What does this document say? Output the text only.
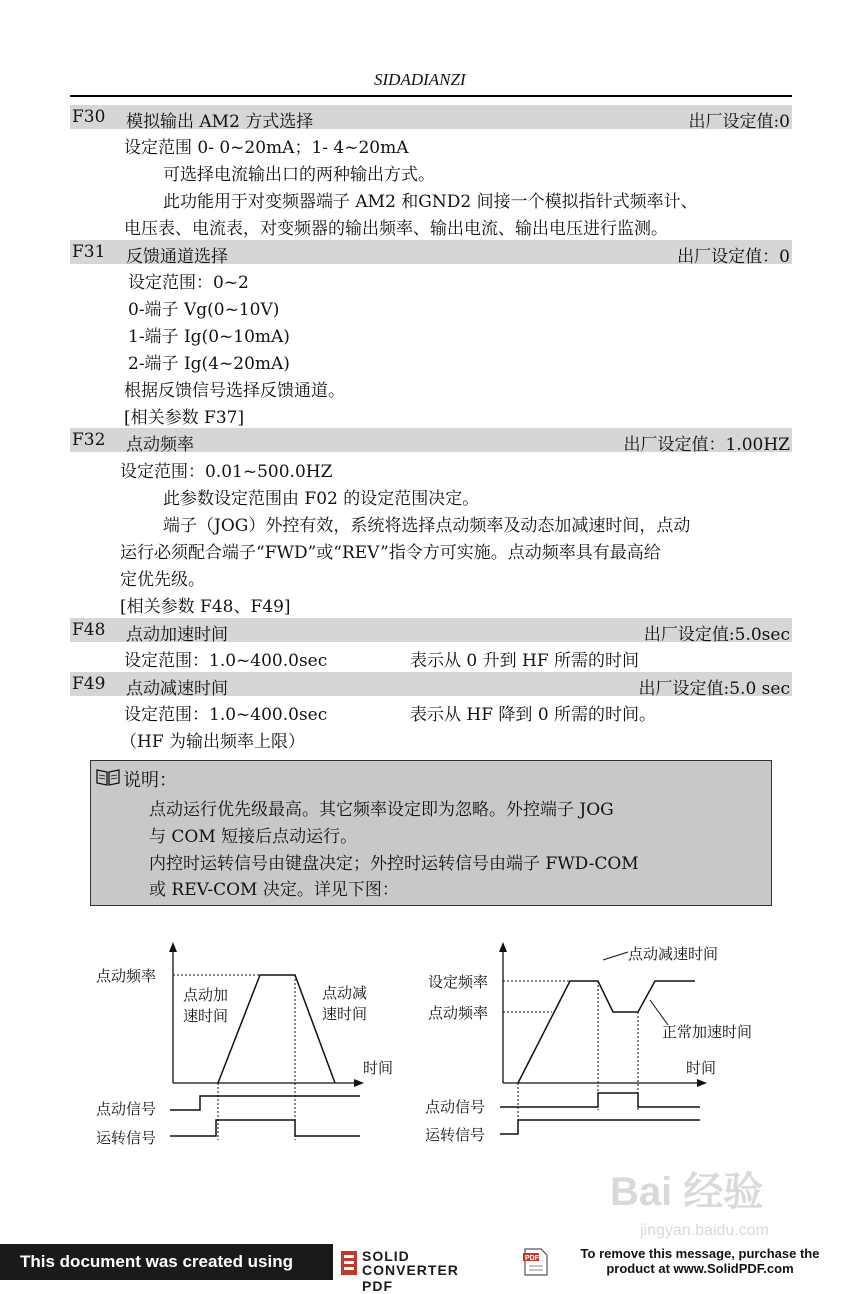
SIDADIANZI
F30 模拟输出 AM2 方式选择	出厂设定值:0
设定范围 0- 0~20mA；1- 4~20mA
可选择电流输出口的两种输出方式。
此功能用于对变频器端子 AM2 和GND2 间接一个模拟指针式频率计、
电压表、电流表，对变频器的输出频率、输出电流、输出电压进行监测。
F31 反馈通道选择	出厂设定值：0
设定范围：0~2
0-端子 Vg(0~10V)
1-端子 Ig(0~10mA)
2-端子 Ig(4~20mA)
根据反馈信号选择反馈通道。
[相关参数 F37]
F32 点动频率	出厂设定值：1.00HZ
设定范围：0.01~500.0HZ
此参数设定范围由 F02 的设定范围决定。
端子（JOG）外控有效，系统将选择点动频率及动态加减速时间，点动
运行必须配合端子“FWD”或“REV”指令方可实施。点动频率具有最高给
定优先级。
[相关参数 F48、F49]
F48 点动加速时间	出厂设定值:5.0sec
设定范围：1.0~400.0sec	表示从 0 升到 HF 所需的时间
F49 点动减速时间	出厂设定值:5.0 sec
设定范围：1.0~400.0sec	表示从 HF 降到 0 所需的时间。
（HF 为输出频率上限）
说明：
点动运行优先级最高。其它频率设定即为忽略。外控端子 JOG
与 COM 短接后点动运行。
内控时运转信号由键盘决定；外控时运转信号由端子 FWD-COM
或 REV-COM 决定。详见下图：
点动频率
点动加
速时间
点动减
速时间
时间
点动信号
运转信号
点动减速时间
设定频率
点动频率
正常加速时间
时间
点动信号
运转信号
Bai 经验
jingyan.baidu.com
This document was created using	SOLID
CONVERTER PDF
PDF	To remove this message, purchase the
product at www.SolidPDF.com
